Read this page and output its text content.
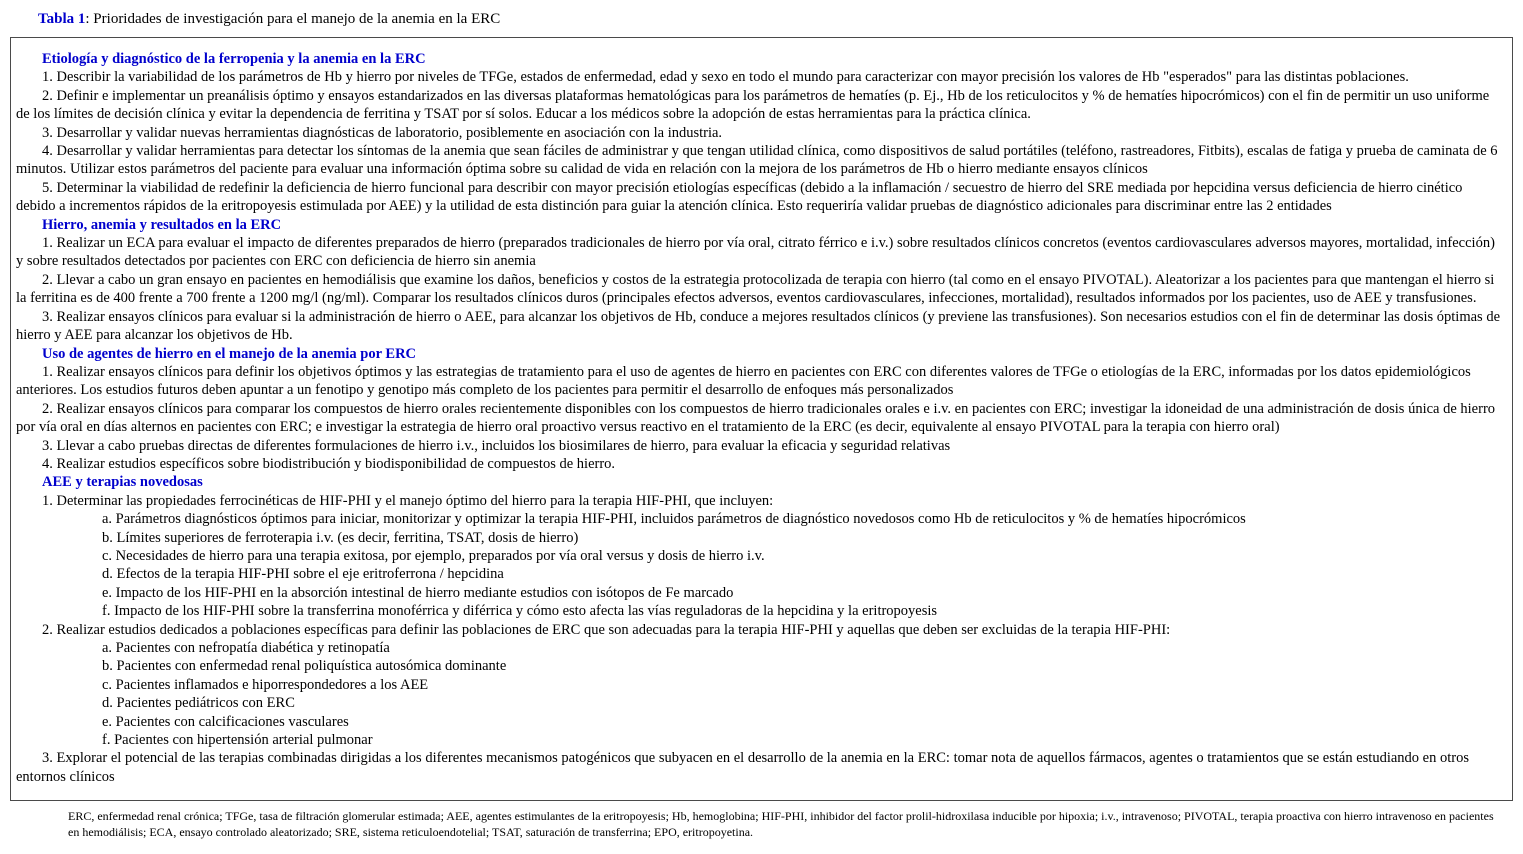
Tabla 1: Prioridades de investigación para el manejo de la anemia en la ERC
Etiología y diagnóstico de la ferropenia y la anemia en la ERC
1. Describir la variabilidad de los parámetros de Hb y hierro por niveles de TFGe, estados de enfermedad, edad y sexo en todo el mundo para caracterizar con mayor precisión los valores de Hb "esperados" para las distintas poblaciones.
2. Definir e implementar un preanálisis óptimo y ensayos estandarizados en las diversas plataformas hematológicas para los parámetros de hematíes (p. Ej., Hb de los reticulocitos y % de hematíes hipocrómicos) con el fin de permitir un uso uniforme de los límites de decisión clínica y evitar la dependencia de ferritina y TSAT por sí solos. Educar a los médicos sobre la adopción de estas herramientas para la práctica clínica.
3. Desarrollar y validar nuevas herramientas diagnósticas de laboratorio, posiblemente en asociación con la industria.
4. Desarrollar y validar herramientas para detectar los síntomas de la anemia que sean fáciles de administrar y que tengan utilidad clínica, como dispositivos de salud portátiles (teléfono, rastreadores, Fitbits), escalas de fatiga y prueba de caminata de 6 minutos. Utilizar estos parámetros del paciente para evaluar una información óptima sobre su calidad de vida en relación con la mejora de los parámetros de Hb o hierro mediante ensayos clínicos
5. Determinar la viabilidad de redefinir la deficiencia de hierro funcional para describir con mayor precisión etiologías específicas (debido a la inflamación / secuestro de hierro del SRE mediada por hepcidina versus deficiencia de hierro cinético debido a incrementos rápidos de la eritropoyesis estimulada por AEE) y la utilidad de esta distinción para guiar la atención clínica. Esto requeriría validar pruebas de diagnóstico adicionales para discriminar entre las 2 entidades
Hierro, anemia y resultados en la ERC
1. Realizar un ECA para evaluar el impacto de diferentes preparados de hierro (preparados tradicionales de hierro por vía oral, citrato férrico e i.v.) sobre resultados clínicos concretos (eventos cardiovasculares adversos mayores, mortalidad, infección) y sobre resultados detectados por pacientes con ERC con deficiencia de hierro sin anemia
2. Llevar a cabo un gran ensayo en pacientes en hemodiálisis que examine los daños, beneficios y costos de la estrategia protocolizada de terapia con hierro (tal como en el ensayo PIVOTAL). Aleatorizar a los pacientes para que mantengan el hierro si la ferritina es de 400 frente a 700 frente a 1200 mg/l (ng/ml). Comparar los resultados clínicos duros (principales efectos adversos, eventos cardiovasculares, infecciones, mortalidad), resultados informados por los pacientes, uso de AEE y transfusiones.
3. Realizar ensayos clínicos para evaluar si la administración de hierro o AEE, para alcanzar los objetivos de Hb, conduce a mejores resultados clínicos (y previene las transfusiones). Son necesarios estudios con el fin de determinar las dosis óptimas de hierro y AEE para alcanzar los objetivos de Hb.
Uso de agentes de hierro en el manejo de la anemia por ERC
1. Realizar ensayos clínicos para definir los objetivos óptimos y las estrategias de tratamiento para el uso de agentes de hierro en pacientes con ERC con diferentes valores de TFGe o etiologías de la ERC, informadas por los datos epidemiológicos anteriores. Los estudios futuros deben apuntar a un fenotipo y genotipo más completo de los pacientes para permitir el desarrollo de enfoques más personalizados
2. Realizar ensayos clínicos para comparar los compuestos de hierro orales recientemente disponibles con los compuestos de hierro tradicionales orales e i.v. en pacientes con ERC; investigar la idoneidad de una administración de dosis única de hierro por vía oral en días alternos en pacientes con ERC; e investigar la estrategia de hierro oral proactivo versus reactivo en el tratamiento de la ERC (es decir, equivalente al ensayo PIVOTAL para la terapia con hierro oral)
3. Llevar a cabo pruebas directas de diferentes formulaciones de hierro i.v., incluidos los biosimilares de hierro, para evaluar la eficacia y seguridad relativas
4. Realizar estudios específicos sobre biodistribución y biodisponibilidad de compuestos de hierro.
AEE y terapias novedosas
1. Determinar las propiedades ferrocinéticas de HIF-PHI y el manejo óptimo del hierro para la terapia HIF-PHI, que incluyen:
a. Parámetros diagnósticos óptimos para iniciar, monitorizar y optimizar la terapia HIF-PHI, incluidos parámetros de diagnóstico novedosos como Hb de reticulocitos y % de hematíes hipocrómicos
b. Límites superiores de ferroterapia i.v. (es decir, ferritina, TSAT, dosis de hierro)
c. Necesidades de hierro para una terapia exitosa, por ejemplo, preparados por vía oral versus y dosis de hierro i.v.
d. Efectos de la terapia HIF-PHI sobre el eje eritroferrona / hepcidina
e. Impacto de los HIF-PHI en la absorción intestinal de hierro mediante estudios con isótopos de Fe marcado
f. Impacto de los HIF-PHI sobre la transferrina monoférrica y diférrica y cómo esto afecta las vías reguladoras de la hepcidina y la eritropoyesis
2. Realizar estudios dedicados a poblaciones específicas para definir las poblaciones de ERC que son adecuadas para la terapia HIF-PHI y aquellas que deben ser excluidas de la terapia HIF-PHI:
a. Pacientes con nefropatía diabética y retinopatía
b. Pacientes con enfermedad renal poliquística autosómica dominante
c. Pacientes inflamados e hiporrespondedores a los AEE
d. Pacientes pediátricos con ERC
e. Pacientes con calcificaciones vasculares
f. Pacientes con hipertensión arterial pulmonar
3. Explorar el potencial de las terapias combinadas dirigidas a los diferentes mecanismos patogénicos que subyacen en el desarrollo de la anemia en la ERC: tomar nota de aquellos fármacos, agentes o tratamientos que se están estudiando en otros entornos clínicos
ERC, enfermedad renal crónica; TFGe, tasa de filtración glomerular estimada; AEE, agentes estimulantes de la eritropoyesis; Hb, hemoglobina; HIF-PHI, inhibidor del factor prolil-hidroxilasa inducible por hipoxia; i.v., intravenoso; PIVOTAL, terapia proactiva con hierro intravenoso en pacientes en hemodiálisis; ECA, ensayo controlado aleatorizado; SRE, sistema reticuloendotelial; TSAT, saturación de transferrina; EPO, eritropoyetina.
